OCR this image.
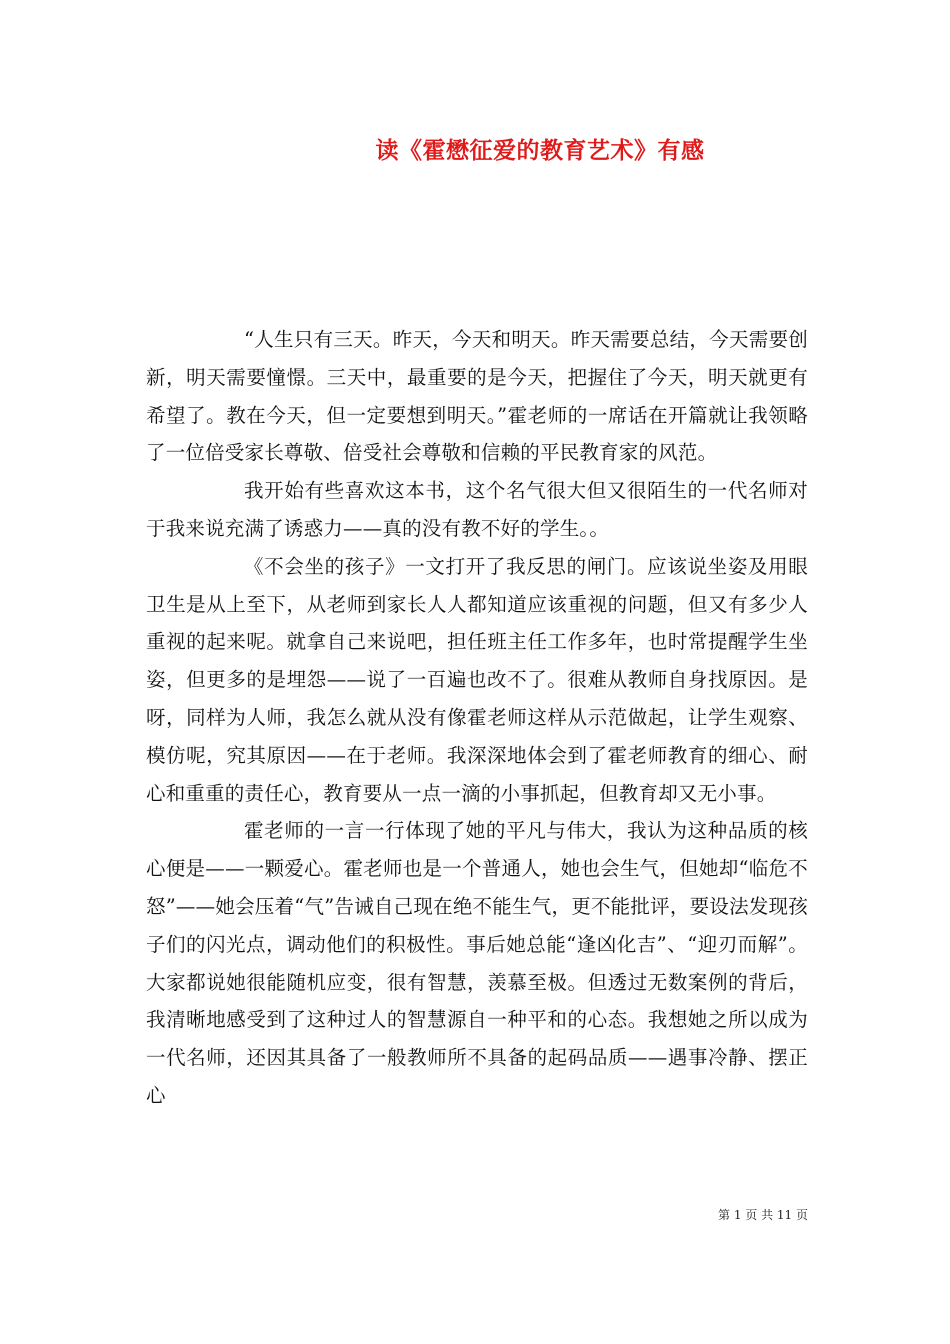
读《霍懋征爱的教育艺术》有感

“人生只有三天。昨天，今天和明天。昨天需要总结，今天需要创新，明天需要憧憬。三天中，最重要的是今天，把握住了今天，明天就更有希望了。教在今天，但一定要想到明天。”霍老师的一席话在开篇就让我领略了一位倍受家长尊敬、倍受社会尊敬和信赖的平民教育家的风范。

我开始有些喜欢这本书，这个名气很大但又很陌生的一代名师对于我来说充满了诱惑力——真的没有教不好的学生。。

《不会坐的孩子》一文打开了我反思的闸门。应该说坐姿及用眼卫生是从上至下，从老师到家长人人都知道应该重视的问题，但又有多少人重视的起来呢。就拿自己来说吧，担任班主任工作多年，也时常提醒学生坐姿，但更多的是埋怨——说了一百遍也改不了。很难从教师自身找原因。是呀，同样为人师，我怎么就从没有像霍老师这样从示范做起，让学生观察、模仿呢，究其原因——在于老师。我深深地体会到了霍老师教育的细心、耐心和重重的责任心，教育要从一点一滴的小事抓起，但教育却又无小事。

霍老师的一言一行体现了她的平凡与伟大，我认为这种品质的核心便是——一颗爱心。霍老师也是一个普通人，她也会生气，但她却“临危不怒”——她会压着“气”告诫自己现在绝不能生气，更不能批评，要设法发现孩子们的闪光点，调动他们的积极性。事后她总能“逢凶化吉”、“迎刃而解”。大家都说她很能随机应变，很有智慧，羡慕至极。但透过无数案例的背后，我清晰地感受到了这种过人的智慧源自一种平和的心态。我想她之所以成为一代名师，还因其具备了一般教师所不具备的起码品质——遇事冷静、摆正心

第 1 页 共 11 页
